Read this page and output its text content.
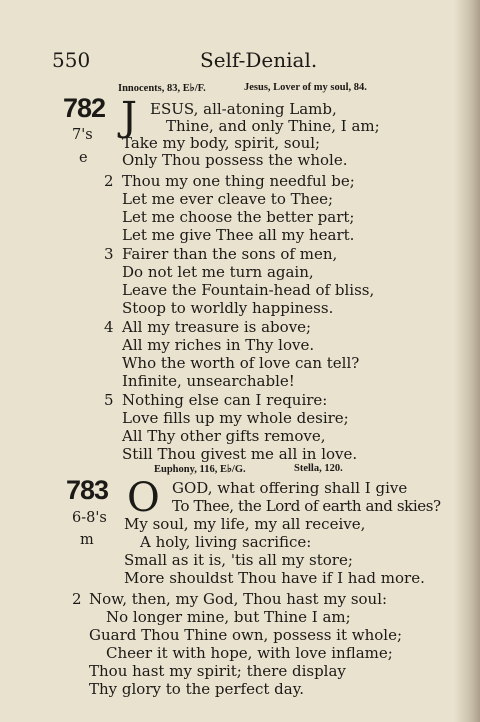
550	Self-Denial.
Innocents, 83, E♭/F.	Jesus, Lover of my soul, 84.
782
7's
e
J ESUS, all-atoning Lamb,
Thine, and only Thine, I am;
Take my body, spirit, soul;
Only Thou possess the whole.
2 Thou my one thing needful be;
Let me ever cleave to Thee;
Let me choose the better part;
Let me give Thee all my heart.
3 Fairer than the sons of men,
Do not let me turn again,
Leave the Fountain-head of bliss,
Stoop to worldly happiness.
4 All my treasure is above;
All my riches in Thy love.
Who the worth of love can tell?
Infinite, unsearchable!
5 Nothing else can I require:
Love fills up my whole desire;
All Thy other gifts remove,
Still Thou givest me all in love.
Euphony, 116, E♭/G.	Stella, 120.
783
6-8's
m
O GOD, what offering shall I give
To Thee, the Lord of earth and skies?
My soul, my life, my all receive,
A holy, living sacrifice:
Small as it is, 'tis all my store;
More shouldst Thou have if I had more.
2 Now, then, my God, Thou hast my soul:
No longer mine, but Thine I am;
Guard Thou Thine own, possess it whole;
Cheer it with hope, with love inflame;
Thou hast my spirit; there display
Thy glory to the perfect day.
